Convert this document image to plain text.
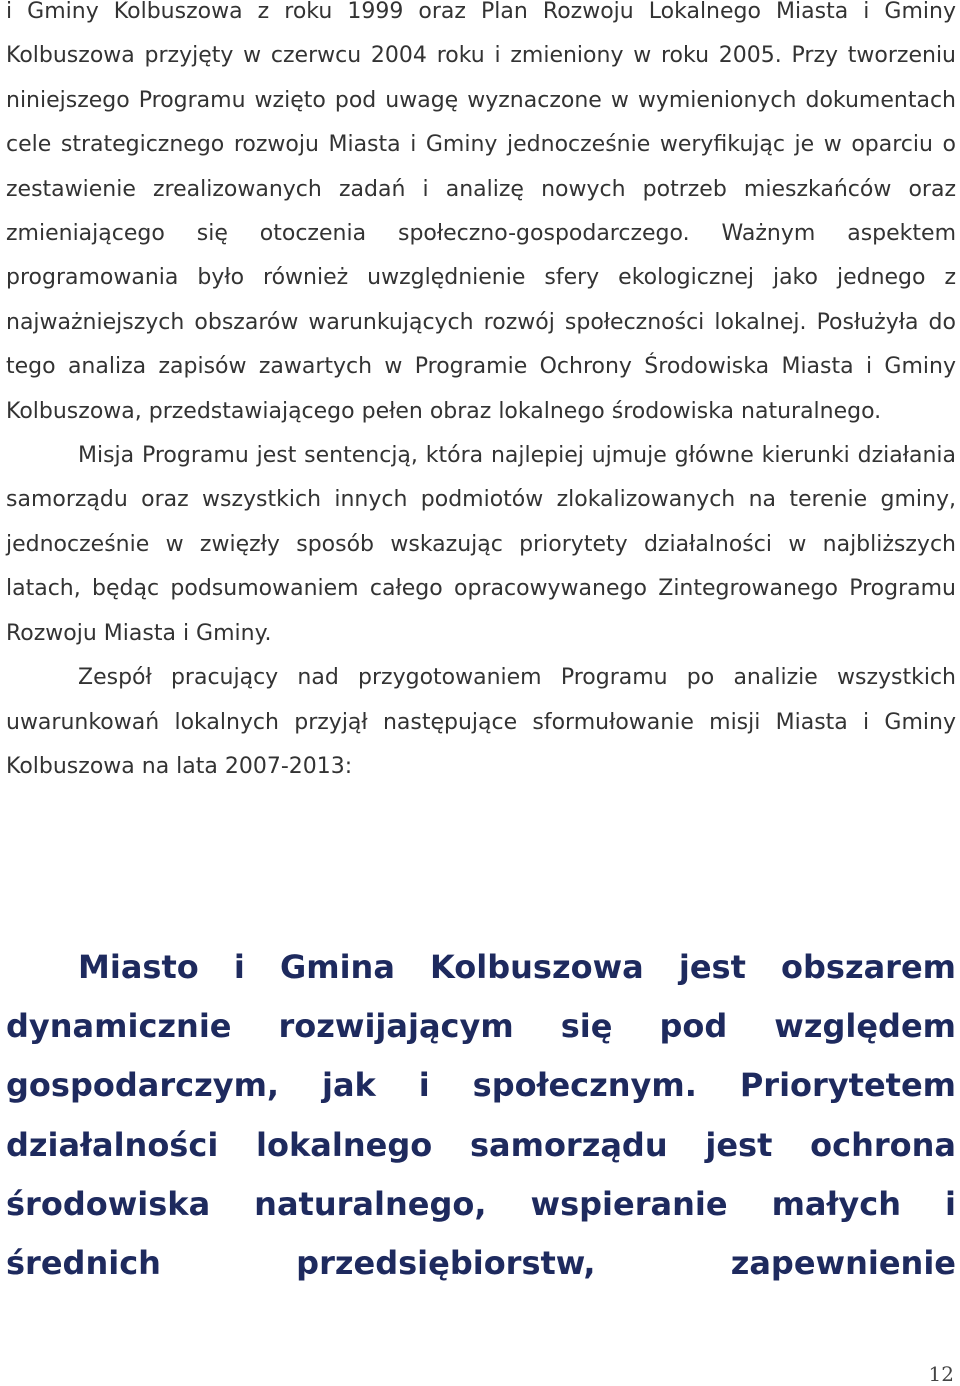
i Gminy Kolbuszowa z roku 1999 oraz Plan Rozwoju Lokalnego Miasta i Gminy Kolbuszowa przyjęty w czerwcu 2004 roku i zmieniony w roku 2005. Przy tworzeniu niniejszego Programu wzięto pod uwagę wyznaczone w wymienionych dokumentach cele strategicznego rozwoju Miasta i Gminy jednocześnie weryfikując je w oparciu o zestawienie zrealizowanych zadań i analizę nowych potrzeb mieszkańców oraz zmieniającego się otoczenia społeczno-gospodarczego. Ważnym aspektem programowania było również uwzględnienie sfery ekologicznej jako jednego z najważniejszych obszarów warunkujących rozwój społeczności lokalnej. Posłużyła do tego analiza zapisów zawartych w Programie Ochrony Środowiska Miasta i Gminy Kolbuszowa, przedstawiającego pełen obraz lokalnego środowiska naturalnego.

Misja Programu jest sentencją, która najlepiej ujmuje główne kierunki działania samorządu oraz wszystkich innych podmiotów zlokalizowanych na terenie gminy, jednocześnie w zwięzły sposób wskazując priorytety działalności w najbliższych latach, będąc podsumowaniem całego opracowywanego Zintegrowanego Programu Rozwoju Miasta i Gminy.

Zespół pracujący nad przygotowaniem Programu po analizie wszystkich uwarunkowań lokalnych przyjął następujące sformułowanie misji Miasta i Gminy Kolbuszowa na lata 2007-2013:

Miasto i Gmina Kolbuszowa jest obszarem dynamicznie rozwijającym się pod względem gospodarczym, jak i społecznym. Priorytetem działalności lokalnego samorządu jest ochrona środowiska naturalnego, wspieranie małych i średnich przedsiębiorstw, zapewnienie

12
